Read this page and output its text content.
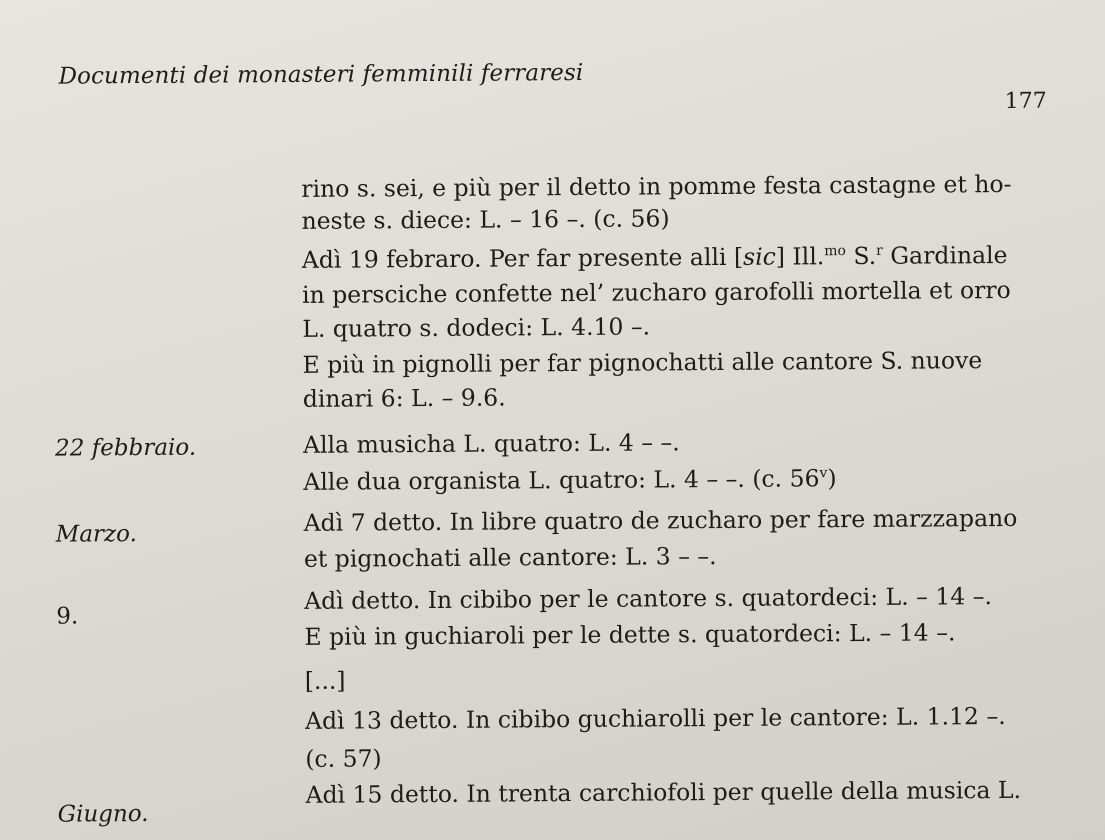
Documenti dei monasteri femminili ferraresi
177
rino s. sei, e più per il detto in pomme festa castagne et ho-
neste s. diece: L. – 16 –. (c. 56)
Adì 19 febraro. Per far presente alli [sic] Ill.$^{mo}$ S.$^r$ Gardinale
in persciche confette nel’ zucharo garofolli mortella et orro
L. quatro s. dodeci: L. 4.10 –.
E più in pignolli per far pignochatti alle cantore S. nuove
dinari 6: L. – 9.6.
22 febbraio.	Alla musicha L. quatro: L. 4 – –.
Alle dua organista L. quatro: L. 4 – –. (c. 56$^v$)
Marzo.	Adì 7 detto. In libre quatro de zucharo per fare marzzapano
et pignochati alle cantore: L. 3 – –.
9.
Adì detto. In cibibo per le cantore s. quatordeci: L. – 14 –.
E più in guchiaroli per le dette s. quatordeci: L. – 14 –.
[...]
Adì 13 detto. In cibibo guchiarolli per le cantore: L. 1.12 –.
(c. 57)
Giugno.
Adì 15 detto. In trenta carchiofoli per quelle della musica L.
